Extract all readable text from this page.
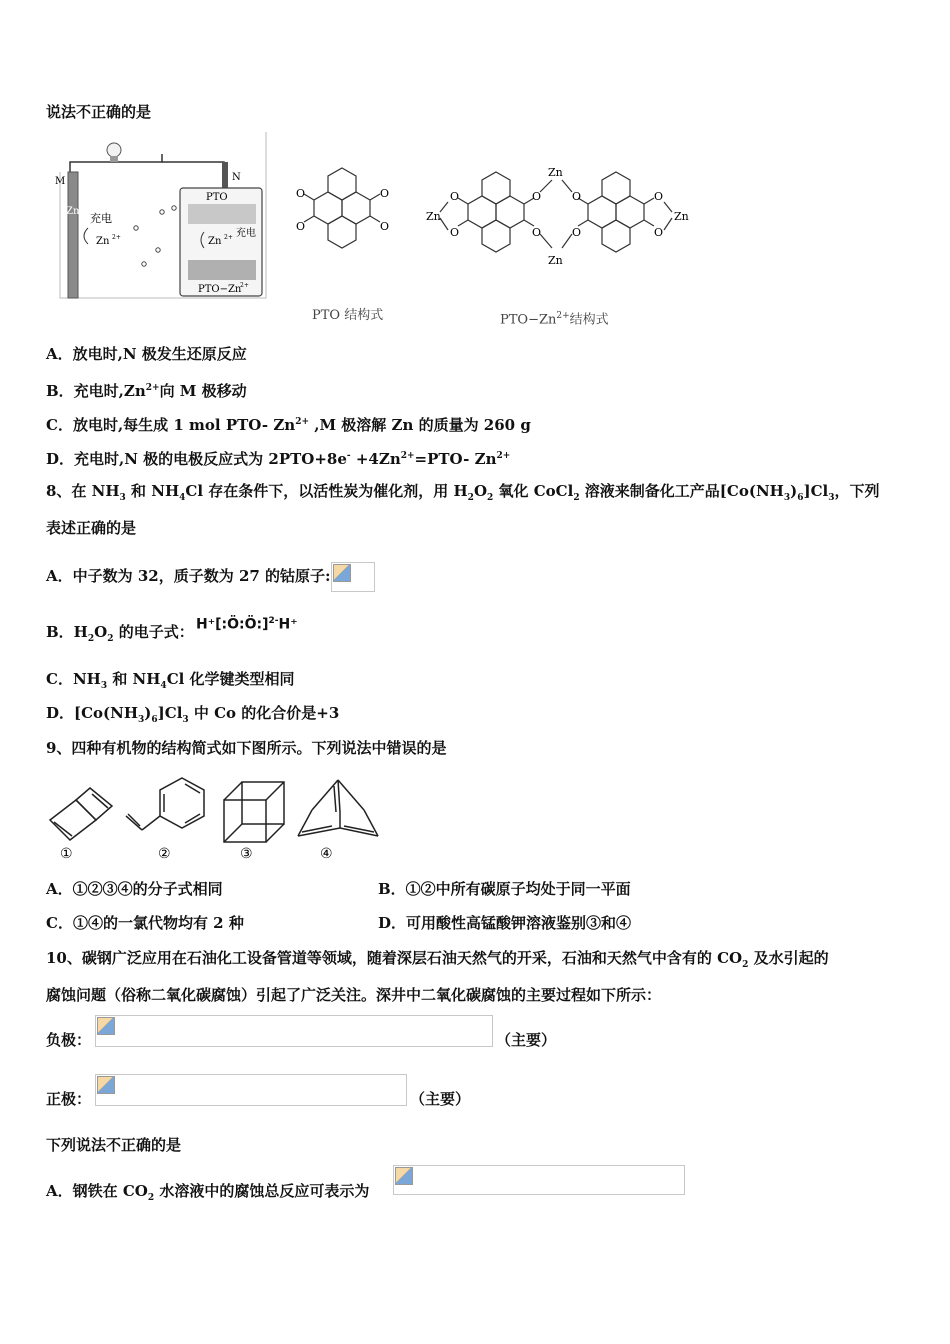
说法不正确的是
M
Zn
N
PTO
PTO−Zn
2+
充电
Zn 2+	Zn 2+ 充电
O
O
O
O
PTO 结构式
O
O
O
O
O
O
O
O
Zn	Zn
Zn
Zn
$PTO-Zn^{2+}$结构式
A．放电时,N 极发生还原反应
B．充电时$,Zn^{2+}$向 M 极移动
C．放电时,每生成 1 mol PTO- $Zn^{2+}$ ,M 极溶解 Zn 的质量为 260 g
D．充电时,N 极的电极反应式为 $2PTO+8e^- +4Zn^{2+}=PTO-$ $Zn^{2+}$
8、在 $NH_3$ 和 $NH_4Cl$ 存在条件下，以活性炭为催化剂，用 $H_2O_2$ 氧化 CoCl$_2$ 溶液来制备化工产品$[Co(NH_3)_6]Cl_3$，下列
表述正确的是
A．中子数为 32，质子数为 27 的钴原子:
B．$H_2O_2$ 的电子式： H⁺[:Ö:Ö:]$^{2-}$H⁺
C．$NH_3$ 和 $NH_4Cl$ 化学键类型相同
D．$[Co(NH_3)_6]Cl_3$ 中 Co 的化合价是+3
9、四种有机物的结构简式如下图所示。下列说法中错误的是
①	②	③	④
A．①②③④的分子式相同	B．①②中所有碳原子均处于同一平面
C．①④的一氯代物均有 2 种	D．可用酸性高锰酸钾溶液鉴别③和④
10、碳钢广泛应用在石油化工设备管道等领域，随着深层石油天然气的开采，石油和天然气中含有的 $CO_2$ 及水引起的
腐蚀问题（俗称二氧化碳腐蚀）引起了广泛关注。深井中二氧化碳腐蚀的主要过程如下所示：
负极：	（主要）
正极：	（主要）
下列说法不正确的是
A．钢铁在 $CO_2$ 水溶液中的腐蚀总反应可表示为
